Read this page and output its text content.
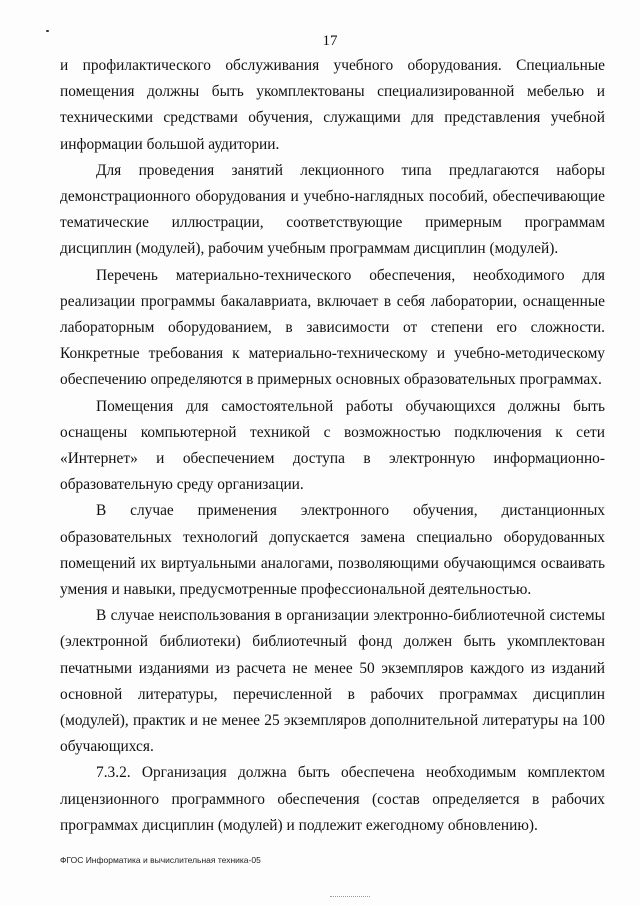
17

и профилактического обслуживания учебного оборудования. Специальные помещения должны быть укомплектованы специализированной мебелью и техническими средствами обучения, служащими для представления учебной информации большой аудитории.

Для проведения занятий лекционного типа предлагаются наборы демонстрационного оборудования и учебно-наглядных пособий, обеспечивающие тематические иллюстрации, соответствующие примерным программам дисциплин (модулей), рабочим учебным программам дисциплин (модулей).

Перечень материально-технического обеспечения, необходимого для реализации программы бакалавриата, включает в себя лаборатории, оснащенные лабораторным оборудованием, в зависимости от степени его сложности. Конкретные требования к материально-техническому и учебно-методическому обеспечению определяются в примерных основных образовательных программах.

Помещения для самостоятельной работы обучающихся должны быть оснащены компьютерной техникой с возможностью подключения к сети «Интернет» и обеспечением доступа в электронную информационно-образовательную среду организации.

В случае применения электронного обучения, дистанционных образовательных технологий допускается замена специально оборудованных помещений их виртуальными аналогами, позволяющими обучающимся осваивать умения и навыки, предусмотренные профессиональной деятельностью.

В случае неиспользования в организации электронно-библиотечной системы (электронной библиотеки) библиотечный фонд должен быть укомплектован печатными изданиями из расчета не менее 50 экземпляров каждого из изданий основной литературы, перечисленной в рабочих программах дисциплин (модулей), практик и не менее 25 экземпляров дополнительной литературы на 100 обучающихся.

7.3.2. Организация должна быть обеспечена необходимым комплектом лицензионного программного обеспечения (состав определяется в рабочих программах дисциплин (модулей) и подлежит ежегодному обновлению).

ФГОС Информатика и вычислительная техника-05
